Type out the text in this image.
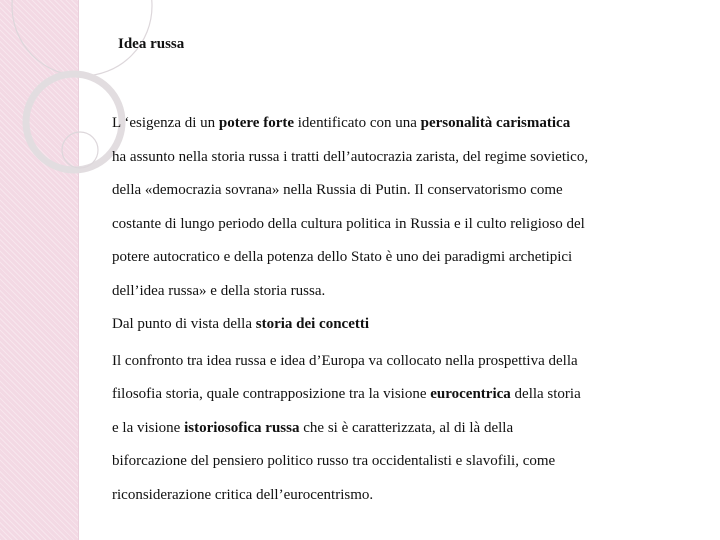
Idea russa

L ‘esigenza di un potere forte identificato con una personalità carismatica

ha assunto nella storia russa i tratti dell’autocrazia zarista, del regime sovietico,

della «democrazia sovrana» nella Russia di Putin. Il conservatorismo come

costante di lungo periodo della cultura politica in Russia e il culto religioso del

potere autocratico e della potenza dello Stato è uno dei paradigmi archetipici

dell’idea russa» e della storia russa.

Dal punto di vista della storia dei concetti

Il confronto tra idea russa e idea d’Europa va collocato nella prospettiva della

filosofia storia, quale contrapposizione tra la visione eurocentrica della storia

e la visione istoriosofica russa che si è caratterizzata, al di là della

biforcazione del pensiero politico russo tra occidentalisti e slavofili, come

riconsiderazione critica dell’eurocentrismo.
